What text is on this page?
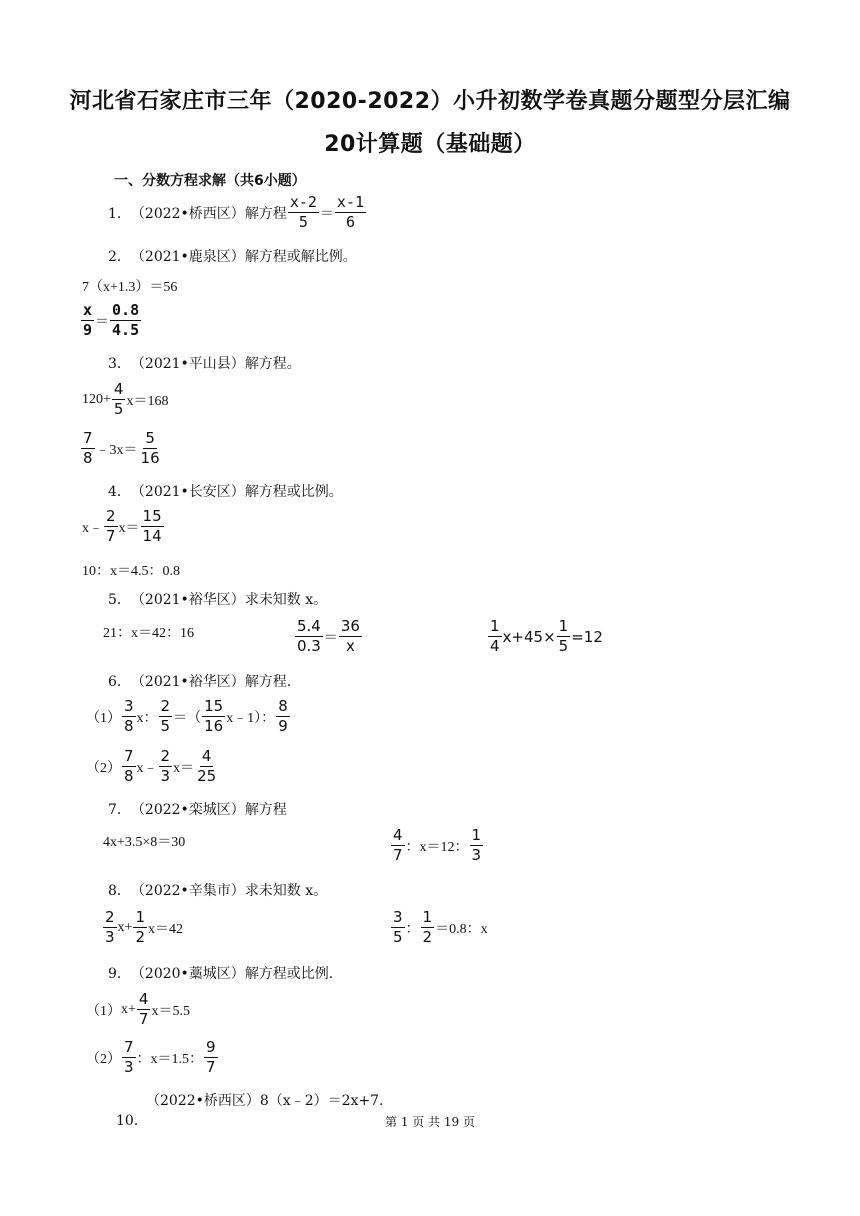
河北省石家庄市三年（2020-2022）小升初数学卷真题分题型分层汇编
20计算题（基础题）
一、分数方程求解（共6小题）
1． （2022•桥西区） 解方程 $\frac{x-2}{5} = \frac{x-1}{6}$
2． （2021•鹿泉区） 解方程或解比例。
7（x+1.3）＝56
$\frac{x}{9} = \frac{0.8}{4.5}$
3． （2021•平山县） 解方程。
$120+ \frac{4}{5} x=168$
$\frac{7}{8}$ ﹣3x＝ $\frac{5}{16}$
4． （2021•长安区） 解方程或比例。
x﹣ $\frac{2}{7} x= \frac{15}{14}$
10：x＝4.5：0.8
5． （2021•裕华区） 求未知数 x。
21：x＝42：16	$\frac{5.4}{0.3} = \frac{36}{x}$	$\frac{1}{4} x+45\times \frac{1}{5} =12$
6． （2021•裕华区） 解方程.
$(1) \frac{3}{8}$ x： $\frac{2}{5}$ ＝（ $\frac{15}{16}$ x﹣1）： $\frac{8}{9}$
$(2) \frac{7}{8}$ x﹣ $\frac{2}{3} x= \frac{4}{25}$
7． （2022•栾城区） 解方程
4x+3.5×8＝30	$\frac{4}{7}$ ：x＝12： $\frac{1}{3}$
8． （2022•辛集市） 求未知数 x。
$\frac{2}{3} x+ \frac{1}{2} x=42$	$\frac{3}{5}$ ： $\frac{1}{2} =0.8$：x
9． （2020•藁城区） 解方程或比例.
（1） $x+ \frac{4}{7} x=5.5$
$(2) \frac{7}{3}$ ：x＝1.5： $\frac{9}{7}$
（2022•桥西区）8（x﹣2）＝2x+7.
10．	第 1 页 共 19 页
